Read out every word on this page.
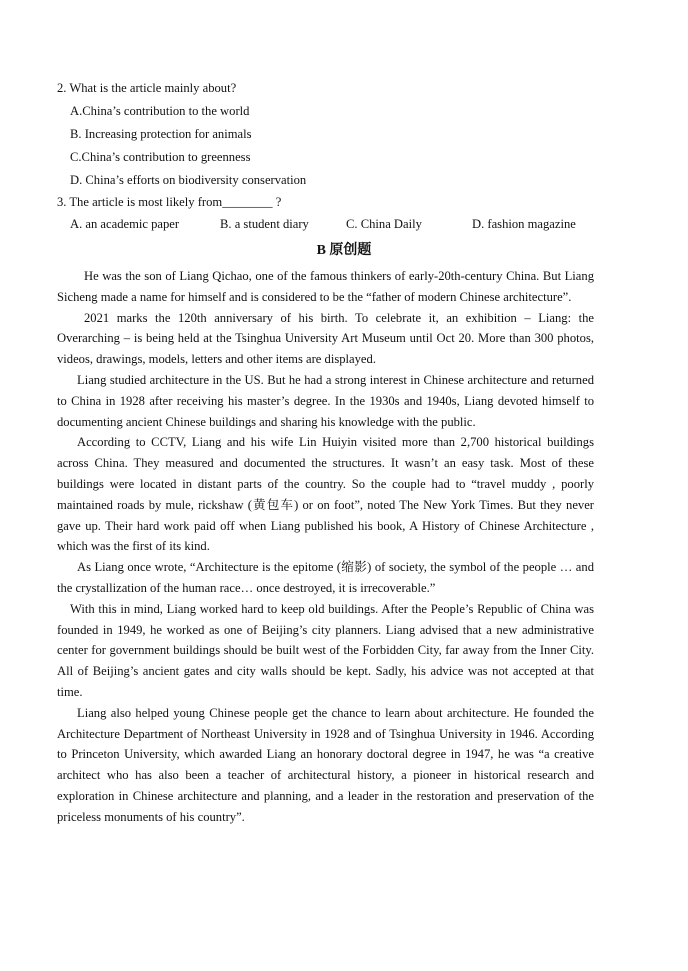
2. What is the article mainly about?
A.China’s contribution to the world
B. Increasing protection for animals
C.China’s contribution to greenness
D. China’s efforts on biodiversity conservation
3. The article is most likely from________ ?
A. an academic paper	B. a student diary	C. China Daily	D. fashion magazine
B 原创题

He was the son of Liang Qichao, one of the famous thinkers of early-20th-century China. But Liang Sicheng made a name for himself and is considered to be the “father of modern Chinese architecture”.

2021 marks the 120th anniversary of his birth. To celebrate it, an exhibition – Liang: the Overarching – is being held at the Tsinghua University Art Museum until Oct 20. More than 300 photos, videos, drawings, models, letters and other items are displayed.

Liang studied architecture in the US. But he had a strong interest in Chinese architecture and returned to China in 1928 after receiving his master’s degree. In the 1930s and 1940s, Liang devoted himself to documenting ancient Chinese buildings and sharing his knowledge with the public.

According to CCTV, Liang and his wife Lin Huiyin visited more than 2,700 historical buildings across China. They measured and documented the structures. It wasn’t an easy task. Most of these buildings were located in distant parts of the country. So the couple had to “travel muddy , poorly maintained roads by mule, rickshaw (黄包车) or on foot”, noted The New York Times. But they never gave up. Their hard work paid off when Liang published his book, A History of Chinese Architecture , which was the first of its kind.

As Liang once wrote, “Architecture is the epitome (缩影) of society, the symbol of the people … and the crystallization of the human race… once destroyed, it is irrecoverable.”

With this in mind, Liang worked hard to keep old buildings. After the People’s Republic of China was founded in 1949, he worked as one of Beijing’s city planners. Liang advised that a new administrative center for government buildings should be built west of the Forbidden City, far away from the Inner City. All of Beijing’s ancient gates and city walls should be kept. Sadly, his advice was not accepted at that time.

Liang also helped young Chinese people get the chance to learn about architecture. He founded the Architecture Department of Northeast University in 1928 and of Tsinghua University in 1946. According to Princeton University, which awarded Liang an honorary doctoral degree in 1947, he was “a creative architect who has also been a teacher of architectural history, a pioneer in historical research and exploration in Chinese architecture and planning, and a leader in the restoration and preservation of the priceless monuments of his country”.
